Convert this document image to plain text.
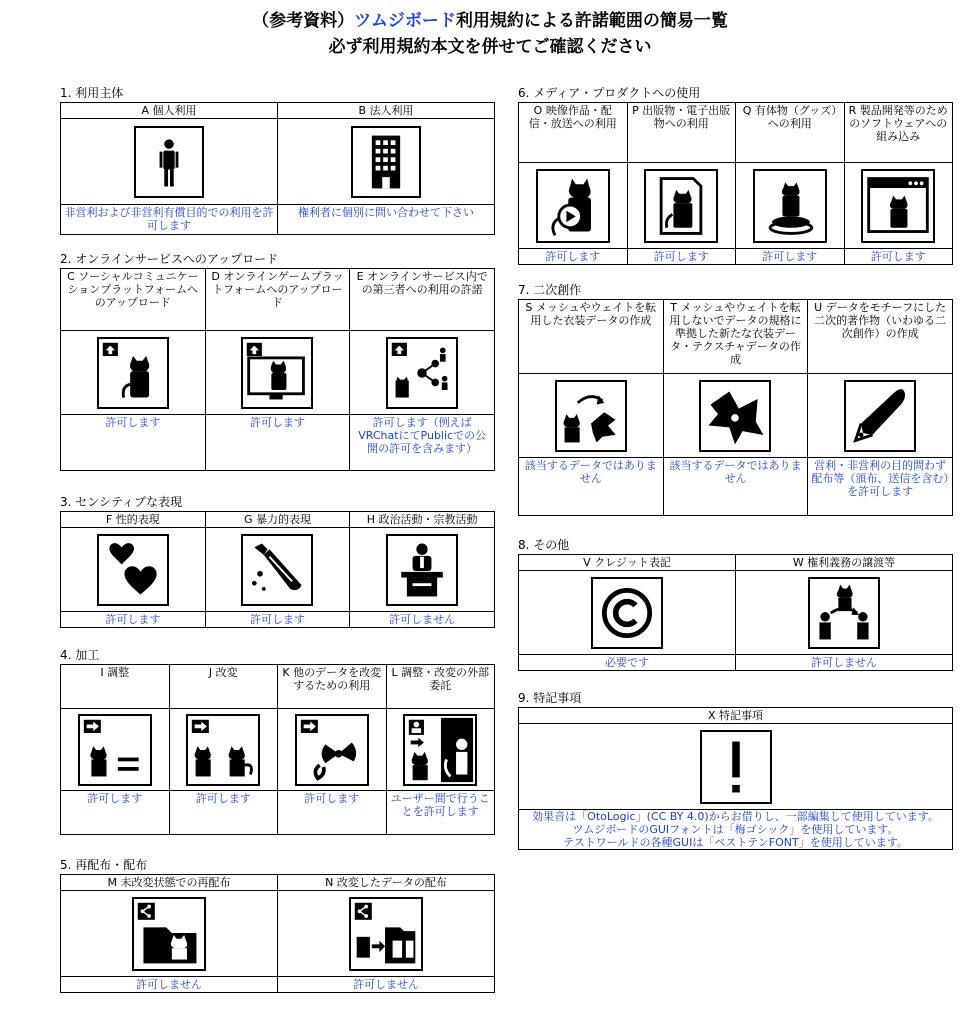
（参考資料）ツムジボード利用規約による許諾範囲の簡易一覧
必ず利用規約本文を併せてご確認ください
1. 利用主体
A 個人利用	B 法人利用

非営利および非営利有償目的での利用を許可します	権利者に個別に問い合わせて下さい
2. オンラインサービスへのアップロード
C ソーシャルコミュニケーションプラットフォームへのアップロード	D オンラインゲームプラットフォームへのアップロード	E オンラインサービス内での第三者への利用の許諾

許可します	許可します	許可します（例えばVRChatにてPublicでの公開の許可を含みます）
3. センシティブな表現
F 性的表現	G 暴力的表現	H 政治活動・宗教活動

許可します	許可します	許可しません
4. 加工
I 調整	J 改変	K 他のデータを改変するための利用	L 調整・改変の外部委託

許可します	許可します	許可します	ユーザー間で行うことを許可します
5. 再配布・配布
M 未改変状態での再配布	N 改変したデータの配布

許可しません	許可しません
6. メディア・プロダクトへの使用
O 映像作品・配信・放送への利用	P 出版物・電子出版物への利用	Q 有体物（グッズ）への利用	R 製品開発等のためのソフトウェアへの組み込み

許可します	許可します	許可します	許可します
7. 二次創作
S メッシュやウェイトを転用した衣装データの作成	T メッシュやウェイトを転用しないでデータの規格に準拠した新たな衣装データ・テクスチャデータの作成	U データをモチーフにした二次的著作物（いわゆる二次創作）の作成

該当するデータではありません	該当するデータではありません	営利・非営利の目的問わず配布等（頒布、送信を含む）を許可します
8. その他
V クレジット表記	W 権利義務の譲渡等

必要です	許可しません
9. 特記事項
X 特記事項

効果音は「OtoLogic」(CC BY 4.0)からお借りし、一部編集して使用しています。
ツムジボードのGUIフォントは「梅ゴシック」を使用しています。
テストワールドの各種GUIは「ベストテンFONT」を使用しています。
